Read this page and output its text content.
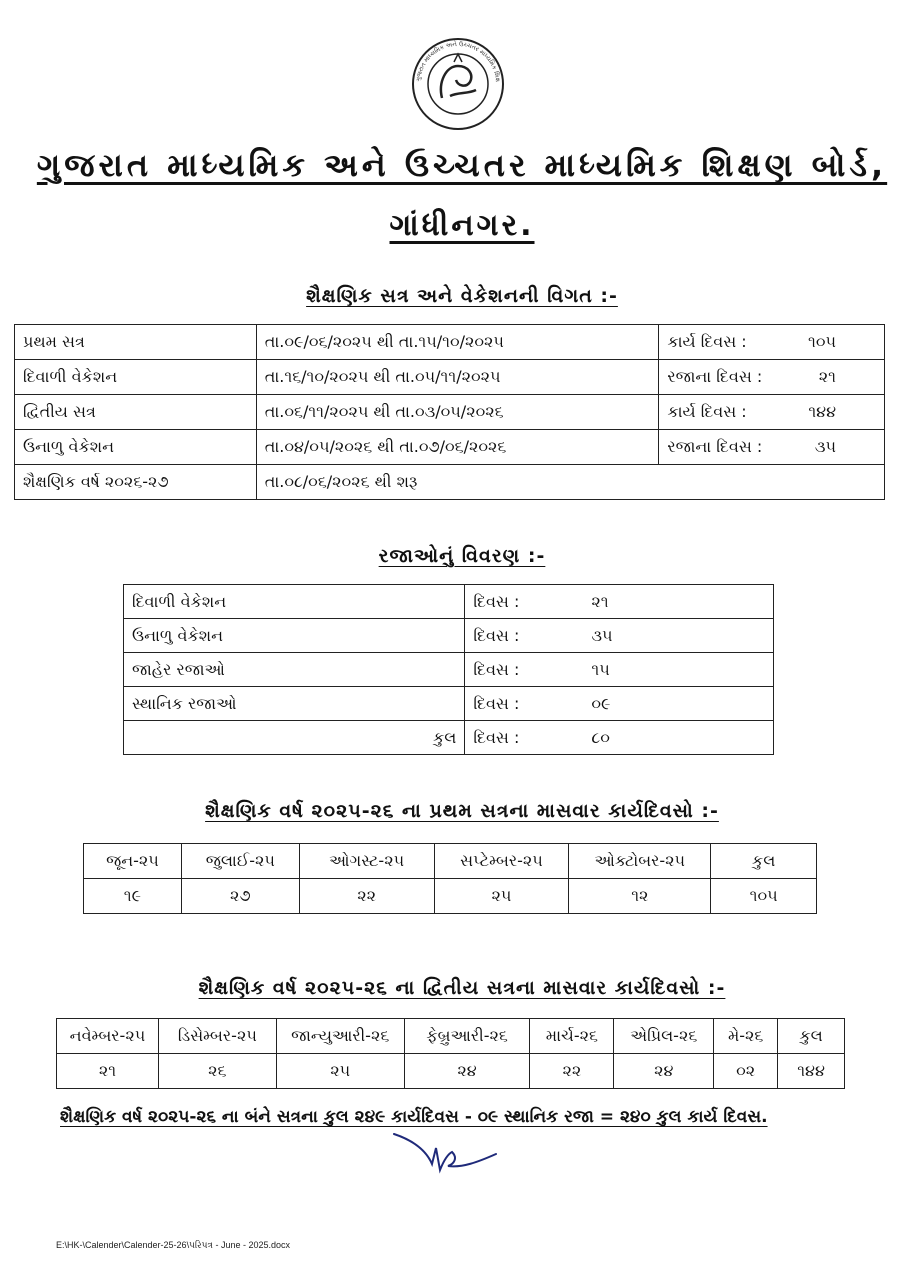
ગુજરાત માધ્યમિક અને ઉચ્ચતર માધ્યમિક શિક્ષ
ગુજરાત માધ્યમિક અને ઉચ્ચતર માધ્યમિક શિક્ષણ બોર્ડ,
ગાંધીનગર.
શૈક્ષણિક સત્ર અને વેકેશનની વિગત :-
પ્રથમ સત્ર	તા.૦૯/૦૬/૨૦૨૫ થી તા.૧૫/૧૦/૨૦૨૫	કાર્ય દિવસ : ૧૦૫

દિવાળી વેકેશન	તા.૧૬/૧૦/૨૦૨૫ થી તા.૦૫/૧૧/૨૦૨૫	રજાના દિવસ : ૨૧

દ્વિતીય સત્ર	તા.૦૬/૧૧/૨૦૨૫ થી તા.૦૩/૦૫/૨૦૨૬	કાર્ય દિવસ : ૧૪૪

ઉનાળુ વેકેશન	તા.૦૪/૦૫/૨૦૨૬ થી તા.૦૭/૦૬/૨૦૨૬	રજાના દિવસ : ૩૫

શૈક્ષણિક વર્ષ ૨૦૨૬-૨૭	તા.૦૮/૦૬/૨૦૨૬ થી શરૂ	
રજાઓનું વિવરણ :-
દિવાળી વેકેશન	દિવસ : ૨૧
ઉનાળુ વેકેશન	દિવસ : ૩૫
જાહેર રજાઓ	દિવસ : ૧૫
સ્થાનિક રજાઓ	દિવસ : ૦૯
કુલ	દિવસ : ૮૦
શૈક્ષણિક વર્ષ ૨૦૨૫-૨૬ ના પ્રથમ સત્રના માસવાર કાર્યદિવસો :-
જૂન-૨૫	જુલાઈ-૨૫	ઓગસ્ટ-૨૫	સપ્ટેમ્બર-૨૫	ઓક્ટોબર-૨૫	કુલ
૧૯	૨૭	૨૨	૨૫	૧૨	૧૦૫
શૈક્ષણિક વર્ષ ૨૦૨૫-૨૬ ના દ્વિતીય સત્રના માસવાર કાર્યદિવસો :-
નવેમ્બર-૨૫	ડિસેમ્બર-૨૫	જાન્યુઆરી-૨૬	ફેબ્રુઆરી-૨૬	માર્ચ-૨૬	એપ્રિલ-૨૬	મે-૨૬	કુલ
૨૧	૨૬	૨૫	૨૪	૨૨	૨૪	૦૨	૧૪૪
શૈક્ષણિક વર્ષ ૨૦૨૫-૨૬ ના બંને સત્રના કુલ ૨૪૯ કાર્યદિવસ - ૦૯ સ્થાનિક રજા = ૨૪૦ કુલ કાર્ય દિવસ.
E:\HK-\Calender\Calender-25-26\પરિપત્ર - June - 2025.docx
